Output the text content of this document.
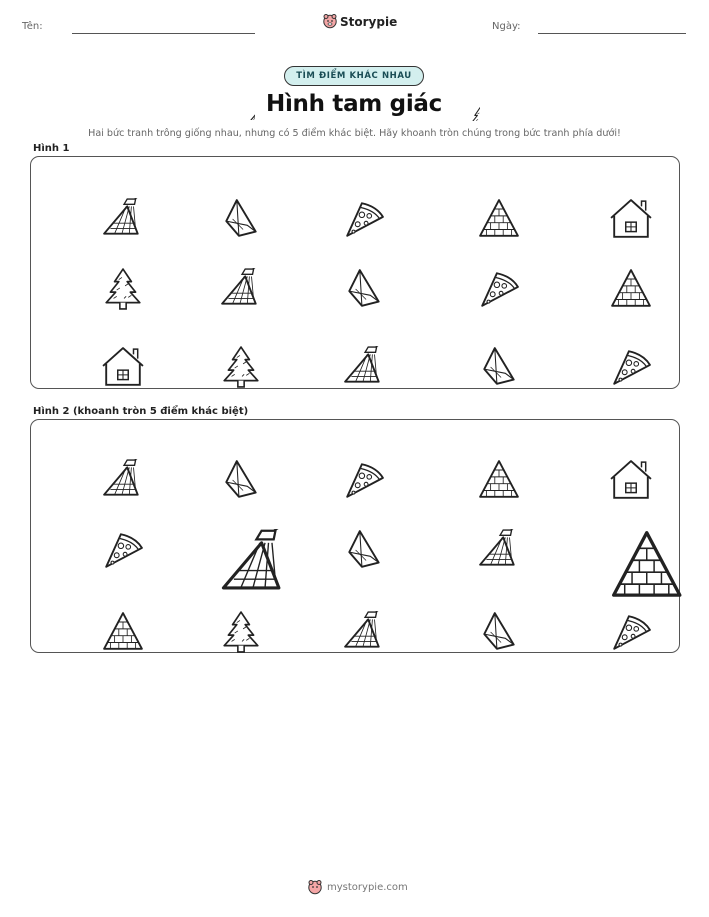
Tên:	Storypie	Ngày:
TÌM ĐIỂM KHÁC NHAU
Hình tam giác
Hai bức tranh trông giống nhau, nhưng có 5 điểm khác biệt. Hãy khoanh tròn chúng trong bức tranh phía dưới!
Hình 1
Hình 2 (khoanh tròn 5 điểm khác biệt)
mystorypie.com
